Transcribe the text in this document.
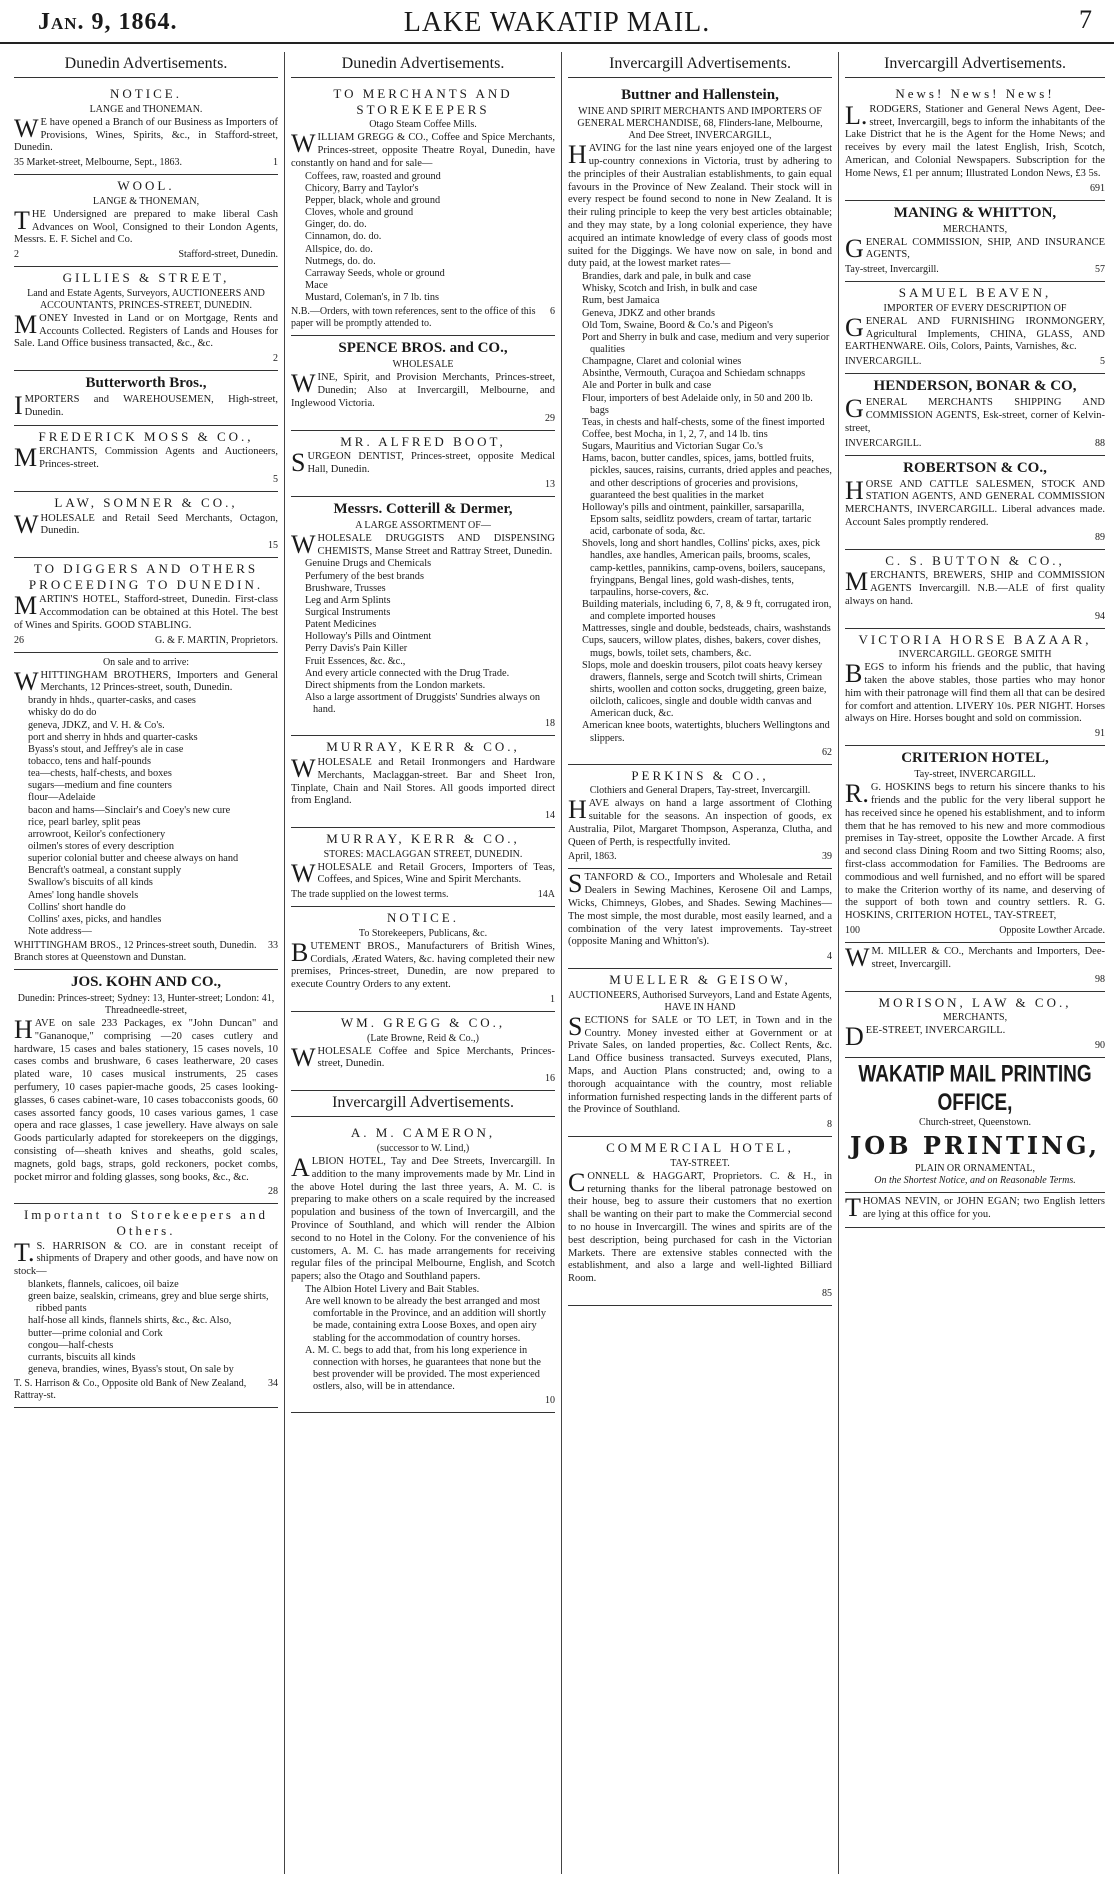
Jan. 9, 1864.	LAKE WAKATIP MAIL.	7
Dunedin Advertisements.
NOTICE.
LANGE and THONEMAN.
WE have opened a Branch of our Business as Importers of Provisions, Wines, Spirits, &c., in Stafford-street, Dunedin.
35 Market-street, Melbourne, Sept., 1863.	1
WOOL.
LANGE & THONEMAN,
THE Undersigned are prepared to make liberal Cash Advances on Wool, Consigned to their London Agents, Messrs. E. F. Sichel and Co.
2	Stafford-street, Dunedin.
GILLIES & STREET,
Land and Estate Agents, Surveyors, AUCTIONEERS AND ACCOUNTANTS, PRINCES-STREET, DUNEDIN.
MONEY Invested in Land or on Mortgage, Rents and Accounts Collected. Registers of Lands and Houses for Sale. Land Office business transacted, &c., &c.
2
Butterworth Bros.,
IMPORTERS and WAREHOUSEMEN, High-street, Dunedin.
FREDERICK MOSS & CO.,
MERCHANTS, Commission Agents and Auctioneers, Princes-street.
5
LAW, SOMNER & CO.,
WHOLESALE and Retail Seed Merchants, Octagon, Dunedin.
15
TO DIGGERS AND OTHERS PROCEEDING TO DUNEDIN.
MARTIN'S HOTEL, Stafford-street, Dunedin. First-class Accommodation can be obtained at this Hotel. The best of Wines and Spirits. GOOD STABLING.
26	G. & F. MARTIN, Proprietors.
On sale and to arrive:
WHITTINGHAM BROTHERS, Importers and General Merchants, 12 Princes-street, south, Dunedin.
brandy in hhds., quarter-casks, and cases
whisky do do do
geneva, JDKZ, and V. H. & Co's.
port and sherry in hhds and quarter-casks
Byass's stout, and Jeffrey's ale in case
tobacco, tens and half-pounds
tea—chests, half-chests, and boxes
sugars—medium and fine counters
flour—Adelaide
bacon and hams—Sinclair's and Coey's new cure
rice, pearl barley, split peas
arrowroot, Keilor's confectionery
oilmen's stores of every description
superior colonial butter and cheese always on hand
Bencraft's oatmeal, a constant supply
Swallow's biscuits of all kinds
Ames' long handle shovels
Collins' short handle do
Collins' axes, picks, and handles
Note address—
WHITTINGHAM BROS., 12 Princes-street south, Dunedin. Branch stores at Queenstown and Dunstan.
33
JOS. KOHN AND CO.,
Dunedin: Princes-street; Sydney: 13, Hunter-street; London: 41, Threadneedle-street,
HAVE on sale 233 Packages, ex "John Duncan" and "Gananoque," comprising —20 cases cutlery and hardware, 15 cases and bales stationery, 15 cases novels, 10 cases combs and brushware, 6 cases leatherware, 20 cases plated ware, 10 cases musical instruments, 25 cases perfumery, 10 cases papier-mache goods, 25 cases looking-glasses, 6 cases cabinet-ware, 10 cases tobacconists goods, 60 cases assorted fancy goods, 10 cases various games, 1 case opera and race glasses, 1 case jewellery. Have always on sale Goods particularly adapted for storekeepers on the diggings, consisting of—sheath knives and sheaths, gold scales, magnets, gold bags, straps, gold reckoners, pocket combs, pocket mirror and folding glasses, song books, &c., &c.
28
Important to Storekeepers and Others.
T.S. HARRISON & CO. are in constant receipt of shipments of Drapery and other goods, and have now on stock—
blankets, flannels, calicoes, oil baize
green baize, sealskin, crimeans, grey and blue serge shirts, ribbed pants
half-hose all kinds, flannels shirts, &c., &c. Also,
butter—prime colonial and Cork
congou—half-chests
currants, biscuits all kinds
geneva, brandies, wines, Byass's stout, On sale by
T. S. Harrison & Co., Opposite old Bank of New Zealand, Rattray-st.
34
Dunedin Advertisements.
TO MERCHANTS AND STOREKEEPERS
Otago Steam Coffee Mills.
WILLIAM GREGG & CO., Coffee and Spice Merchants, Princes-street, opposite Theatre Royal, Dunedin, have constantly on hand and for sale—
Coffees, raw, roasted and ground
Chicory, Barry and Taylor's
Pepper, black, whole and ground
Cloves, whole and ground
Ginger, do. do.
Cinnamon, do. do.
Allspice, do. do.
Nutmegs, do. do.
Carraway Seeds, whole or ground
Mace
Mustard, Coleman's, in 7 lb. tins
N.B.—Orders, with town references, sent to the office of this paper will be promptly attended to.
6
SPENCE BROS. and CO.,
WHOLESALE
WINE, Spirit, and Provision Merchants, Princes-street, Dunedin; Also at Invercargill, Melbourne, and Inglewood Victoria.
29
MR. ALFRED BOOT,
SURGEON DENTIST, Princes-street, opposite Medical Hall, Dunedin.
13
Messrs. Cotterill & Dermer,
A LARGE ASSORTMENT OF—
WHOLESALE DRUGGISTS AND DISPENSING CHEMISTS, Manse Street and Rattray Street, Dunedin.
Genuine Drugs and Chemicals
Perfumery of the best brands
Brushware, Trusses
Leg and Arm Splints
Surgical Instruments
Patent Medicines
Holloway's Pills and Ointment
Perry Davis's Pain Killer
Fruit Essences, &c. &c.,
And every article connected with the Drug Trade.
Direct shipments from the London markets.
Also a large assortment of Druggists' Sundries always on hand.
18
MURRAY, KERR & CO.,
WHOLESALE and Retail Ironmongers and Hardware Merchants, Maclaggan-street. Bar and Sheet Iron, Tinplate, Chain and Nail Stores. All goods imported direct from England.
14
MURRAY, KERR & CO.,
STORES: MACLAGGAN STREET, DUNEDIN.
WHOLESALE and Retail Grocers, Importers of Teas, Coffees, and Spices, Wine and Spirit Merchants.
The trade supplied on the lowest terms.	14A
NOTICE.
To Storekeepers, Publicans, &c.
BUTEMENT BROS., Manufacturers of British Wines, Cordials, Ærated Waters, &c. having completed their new premises, Princes-street, Dunedin, are now prepared to execute Country Orders to any extent.
1
WM. GREGG & CO.,
(Late Browne, Reid & Co.,)
WHOLESALE Coffee and Spice Merchants, Princes-street, Dunedin.
16
Invercargill Advertisements.
A. M. CAMERON,
(successor to W. Lind,)
ALBION HOTEL, Tay and Dee Streets, Invercargill. In addition to the many improvements made by Mr. Lind in the above Hotel during the last three years, A. M. C. is preparing to make others on a scale required by the increased population and business of the town of Invercargill, and the Province of Southland, and which will render the Albion second to no Hotel in the Colony. For the convenience of his customers, A. M. C. has made arrangements for receiving regular files of the principal Melbourne, English, and Scotch papers; also the Otago and Southland papers.
The Albion Hotel Livery and Bait Stables.
Are well known to be already the best arranged and most comfortable in the Province, and an addition will shortly be made, containing extra Loose Boxes, and open airy stabling for the accommodation of country horses.
A. M. C. begs to add that, from his long experience in connection with horses, he guarantees that none but the best provender will be provided. The most experienced ostlers, also, will be in attendance.
10
Invercargill Advertisements.
Buttner and Hallenstein,
WINE AND SPIRIT MERCHANTS AND IMPORTERS OF GENERAL MERCHANDISE, 68, Flinders-lane, Melbourne, And Dee Street, INVERCARGILL,
HAVING for the last nine years enjoyed one of the largest up-country connexions in Victoria, trust by adhering to the principles of their Australian establishments, to gain equal favours in the Province of New Zealand. Their stock will in every respect be found second to none in New Zealand. It is their ruling principle to keep the very best articles obtainable; and they may state, by a long colonial experience, they have acquired an intimate knowledge of every class of goods most suited for the Diggings. We have now on sale, in bond and duty paid, at the lowest market rates—
Brandies, dark and pale, in bulk and case
Whisky, Scotch and Irish, in bulk and case
Rum, best Jamaica
Geneva, JDKZ and other brands
Old Tom, Swaine, Boord & Co.'s and Pigeon's
Port and Sherry in bulk and case, medium and very superior qualities
Champagne, Claret and colonial wines
Absinthe, Vermouth, Curaçoa and Schiedam schnapps
Ale and Porter in bulk and case
Flour, importers of best Adelaide only, in 50 and 200 lb. bags
Teas, in chests and half-chests, some of the finest imported
Coffee, best Mocha, in 1, 2, 7, and 14 lb. tins
Sugars, Mauritius and Victorian Sugar Co.'s
Hams, bacon, butter candles, spices, jams, bottled fruits, pickles, sauces, raisins, currants, dried apples and peaches, and other descriptions of groceries and provisions, guaranteed the best qualities in the market
Holloway's pills and ointment, painkiller, sarsaparilla, Epsom salts, seidlitz powders, cream of tartar, tartaric acid, carbonate of soda, &c.
Shovels, long and short handles, Collins' picks, axes, pick handles, axe handles, American pails, brooms, scales, camp-kettles, pannikins, camp-ovens, boilers, saucepans, fryingpans, Bengal lines, gold wash-dishes, tents, tarpaulins, horse-covers, &c.
Building materials, including 6, 7, 8, & 9 ft, corrugated iron, and complete imported houses
Mattresses, single and double, bedsteads, chairs, washstands
Cups, saucers, willow plates, dishes, bakers, cover dishes, mugs, bowls, toilet sets, chambers, &c.
Slops, mole and doeskin trousers, pilot coats heavy kersey drawers, flannels, serge and Scotch twill shirts, Crimean shirts, woollen and cotton socks, druggeting, green baize, oilcloth, calicoes, single and double width canvas and American duck, &c.
American knee boots, watertights, bluchers Wellingtons and slippers.
62
PERKINS & CO.,
Clothiers and General Drapers, Tay-street, Invercargill.
HAVE always on hand a large assortment of Clothing suitable for the seasons. An inspection of goods, ex Australia, Pilot, Margaret Thompson, Asperanza, Clutha, and Queen of Perth, is respectfully invited.
April, 1863.	39
STANFORD & CO., Importers and Wholesale and Retail Dealers in Sewing Machines, Kerosene Oil and Lamps, Wicks, Chimneys, Globes, and Shades. Sewing Machines—The most simple, the most durable, most easily learned, and a combination of the very latest improvements. Tay-street (opposite Maning and Whitton's).
4
MUELLER & GEISOW,
AUCTIONEERS, Authorised Surveyors, Land and Estate Agents, HAVE IN HAND
SECTIONS for SALE or TO LET, in Town and in the Country. Money invested either at Government or at Private Sales, on landed properties, &c. Collect Rents, &c. Land Office business transacted. Surveys executed, Plans, Maps, and Auction Plans constructed; and, owing to a thorough acquaintance with the country, most reliable information furnished respecting lands in the different parts of the Province of Southland.
8
COMMERCIAL HOTEL,
TAY-STREET.
CONNELL & HAGGART, Proprietors. C. & H., in returning thanks for the liberal patronage bestowed on their house, beg to assure their customers that no exertion shall be wanting on their part to make the Commercial second to no house in Invercargill. The wines and spirits are of the best description, being purchased for cash in the Victorian Markets. There are extensive stables connected with the establishment, and also a large and well-lighted Billiard Room.
85
Invercargill Advertisements.
News! News! News!
L.RODGERS, Stationer and General News Agent, Dee-street, Invercargill, begs to inform the inhabitants of the Lake District that he is the Agent for the Home News; and receives by every mail the latest English, Irish, Scotch, American, and Colonial Newspapers. Subscription for the Home News, £1 per annum; Illustrated London News, £3 5s.
691
MANING & WHITTON,
MERCHANTS,
GENERAL COMMISSION, SHIP, AND INSURANCE AGENTS,
Tay-street, Invercargill.	57
SAMUEL BEAVEN,
IMPORTER OF EVERY DESCRIPTION OF
GENERAL AND FURNISHING IRONMONGERY, Agricultural Implements, CHINA, GLASS, AND EARTHENWARE. Oils, Colors, Paints, Varnishes, &c.
INVERCARGILL.	5
HENDERSON, BONAR & CO,
GENERAL MERCHANTS SHIPPING AND COMMISSION AGENTS, Esk-street, corner of Kelvin-street,
INVERCARGILL.	88
ROBERTSON & CO.,
HORSE AND CATTLE SALESMEN, STOCK AND STATION AGENTS, AND GENERAL COMMISSION MERCHANTS, INVERCARGILL. Liberal advances made. Account Sales promptly rendered.
89
C. S. BUTTON & CO.,
MERCHANTS, BREWERS, SHIP and COMMISSION AGENTS Invercargill. N.B.—ALE of first quality always on hand.
94
VICTORIA HORSE BAZAAR,
INVERCARGILL. GEORGE SMITH
BEGS to inform his friends and the public, that having taken the above stables, those parties who may honor him with their patronage will find them all that can be desired for comfort and attention. LIVERY 10s. PER NIGHT. Horses always on Hire. Horses bought and sold on commission.
91
CRITERION HOTEL,
Tay-street, INVERCARGILL.
R.G. HOSKINS begs to return his sincere thanks to his friends and the public for the very liberal support he has received since he opened his establishment, and to inform them that he has removed to his new and more commodious premises in Tay-street, opposite the Lowther Arcade. A first and second class Dining Room and two Sitting Rooms; also, first-class accommodation for Families. The Bedrooms are commodious and well furnished, and no effort will be spared to make the Criterion worthy of its name, and deserving of the support of both town and country settlers. R. G. HOSKINS, CRITERION HOTEL, TAY-STREET,
100	Opposite Lowther Arcade.
WM. MILLER & CO., Merchants and Importers, Dee-street, Invercargill.
98
MORISON, LAW & CO.,
MERCHANTS,
DEE-STREET, INVERCARGILL.
90
WAKATIP MAIL PRINTING OFFICE,
Church-street, Queenstown.
JOB PRINTING,
PLAIN OR ORNAMENTAL,
On the Shortest Notice, and on Reasonable Terms.
THOMAS NEVIN, or JOHN EGAN; two English letters are lying at this office for you.
